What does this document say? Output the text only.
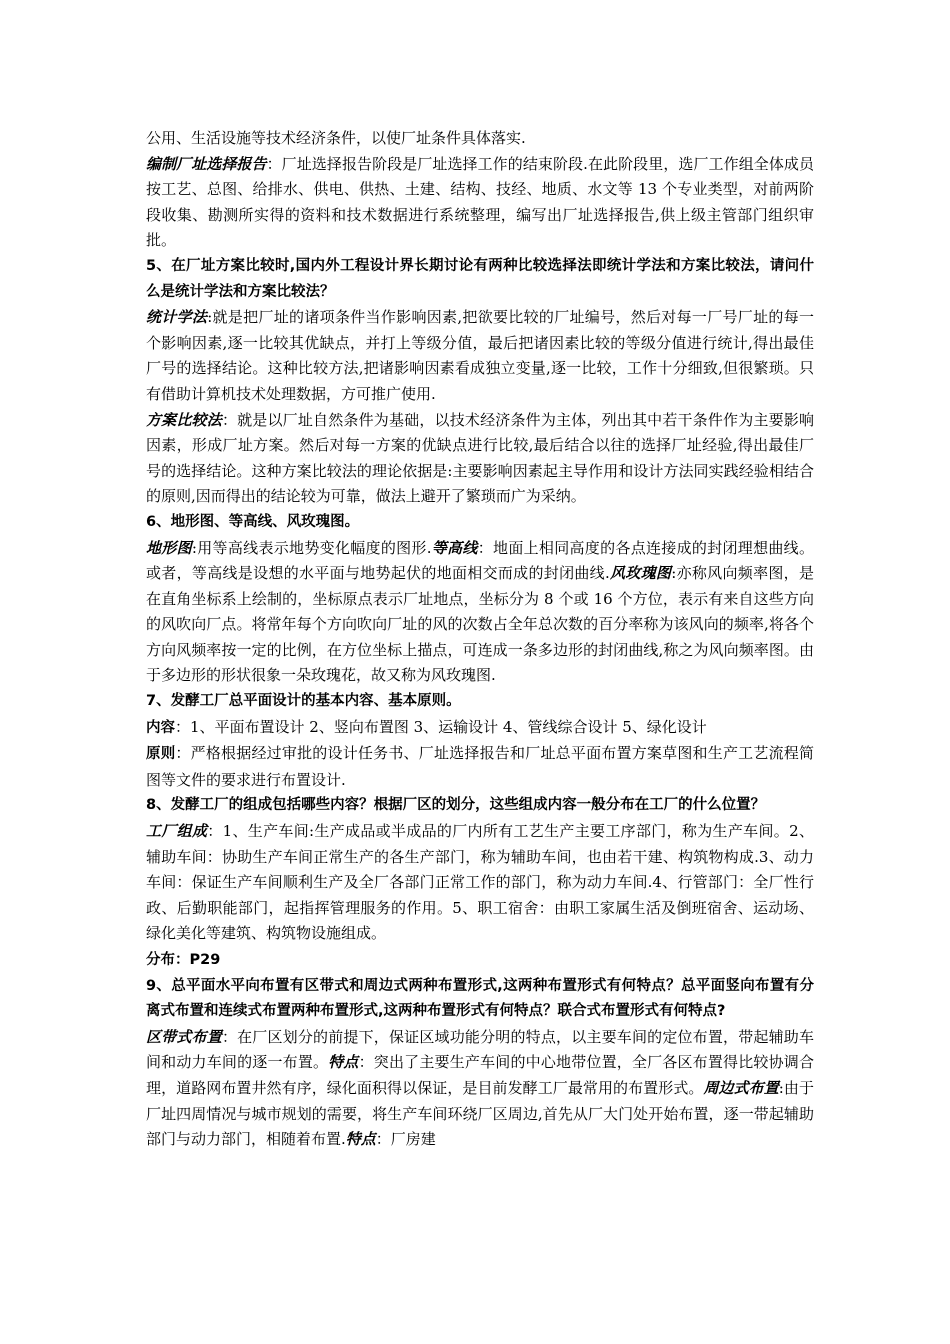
公用、生活设施等技术经济条件，以使厂址条件具体落实.

编制厂址选择报告：厂址选择报告阶段是厂址选择工作的结束阶段.在此阶段里，选厂工作组全体成员按工艺、总图、给排水、供电、供热、土建、结构、技经、地质、水文等 13 个专业类型，对前两阶段收集、勘测所实得的资料和技术数据进行系统整理，编写出厂址选择报告,供上级主管部门组织审批。

5、在厂址方案比较时,国内外工程设计界长期讨论有两种比较选择法即统计学法和方案比较法，请问什么是统计学法和方案比较法？

统计学法:就是把厂址的诸项条件当作影响因素,把欲要比较的厂址编号，然后对每一厂号厂址的每一个影响因素,逐一比较其优缺点，并打上等级分值，最后把诸因素比较的等级分值进行统计,得出最佳厂号的选择结论。这种比较方法,把诸影响因素看成独立变量,逐一比较，工作十分细致,但很繁琐。只有借助计算机技术处理数据，方可推广使用.

方案比较法：就是以厂址自然条件为基础，以技术经济条件为主体，列出其中若干条件作为主要影响因素，形成厂址方案。然后对每一方案的优缺点进行比较,最后结合以往的选择厂址经验,得出最佳厂号的选择结论。这种方案比较法的理论依据是:主要影响因素起主导作用和设计方法同实践经验相结合的原则,因而得出的结论较为可靠，做法上避开了繁琐而广为采纳。

6、地形图、等高线、风玫瑰图。

地形图:用等高线表示地势变化幅度的图形.等高线：地面上相同高度的各点连接成的封闭理想曲线。或者，等高线是设想的水平面与地势起伏的地面相交而成的封闭曲线.风玫瑰图:亦称风向频率图，是在直角坐标系上绘制的，坐标原点表示厂址地点，坐标分为 8 个或 16 个方位，表示有来自这些方向的风吹向厂点。将常年每个方向吹向厂址的风的次数占全年总次数的百分率称为该风向的频率,将各个方向风频率按一定的比例，在方位坐标上描点，可连成一条多边形的封闭曲线,称之为风向频率图。由于多边形的形状很象一朵玫瑰花，故又称为风玫瑰图.

7、发酵工厂总平面设计的基本内容、基本原则。

内容：1、平面布置设计 2、竖向布置图 3、运输设计 4、管线综合设计 5、绿化设计

原则：严格根据经过审批的设计任务书、厂址选择报告和厂址总平面布置方案草图和生产工艺流程简图等文件的要求进行布置设计.

8、发酵工厂的组成包括哪些内容？根据厂区的划分，这些组成内容一般分布在工厂的什么位置？

工厂组成：1、生产车间:生产成品或半成品的厂内所有工艺生产主要工序部门，称为生产车间。2、辅助车间：协助生产车间正常生产的各生产部门，称为辅助车间，也由若干建、构筑物构成.3、动力车间：保证生产车间顺利生产及全厂各部门正常工作的部门，称为动力车间.4、行管部门：全厂性行政、后勤职能部门，起指挥管理服务的作用。5、职工宿舍：由职工家属生活及倒班宿舍、运动场、绿化美化等建筑、构筑物设施组成。

分布：P29

9、总平面水平向布置有区带式和周边式两种布置形式,这两种布置形式有何特点？总平面竖向布置有分离式布置和连续式布置两种布置形式,这两种布置形式有何特点？联合式布置形式有何特点?

区带式布置：在厂区划分的前提下，保证区域功能分明的特点，以主要车间的定位布置，带起辅助车间和动力车间的逐一布置。特点：突出了主要生产车间的中心地带位置，全厂各区布置得比较协调合理，道路网布置井然有序，绿化面积得以保证，是目前发酵工厂最常用的布置形式。周边式布置:由于厂址四周情况与城市规划的需要，将生产车间环绕厂区周边,首先从厂大门处开始布置，逐一带起辅助部门与动力部门，相随着布置.特点：厂房建
